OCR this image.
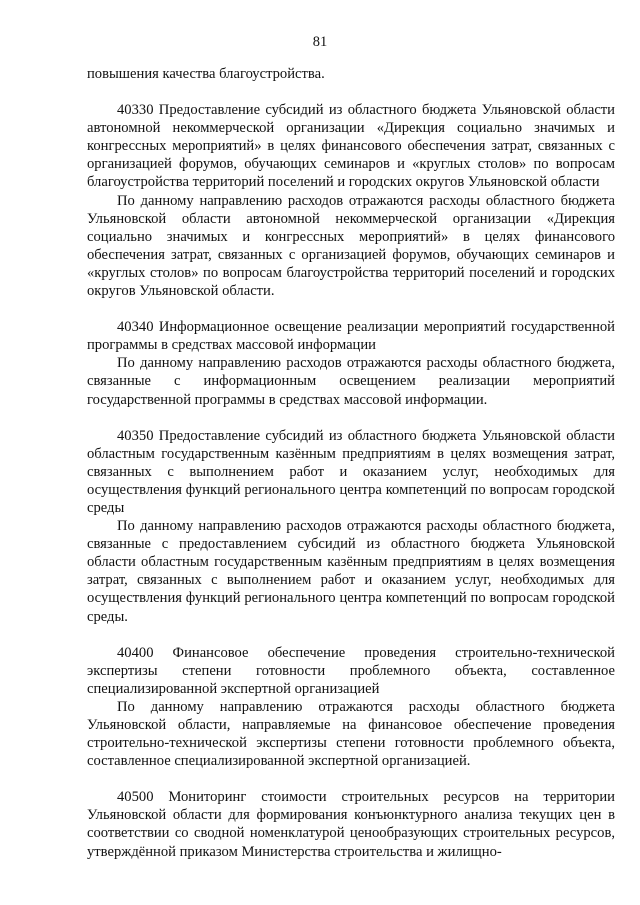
81

повышения качества благоустройства.

40330 Предоставление субсидий из областного бюджета Ульяновской области автономной некоммерческой организации «Дирекция социально значимых и конгрессных мероприятий» в целях финансового обеспечения затрат, связанных с организацией форумов, обучающих семинаров и «круглых столов» по вопросам благоустройства территорий поселений и городских округов Ульяновской области

По данному направлению расходов отражаются расходы областного бюджета Ульяновской области автономной некоммерческой организации «Дирекция социально значимых и конгрессных мероприятий» в целях финансового обеспечения затрат, связанных с организацией форумов, обучающих семинаров и «круглых столов» по вопросам благоустройства территорий поселений и городских округов Ульяновской области.

40340 Информационное освещение реализации мероприятий государственной программы в средствах массовой информации

По данному направлению расходов отражаются расходы областного бюджета, связанные с информационным освещением реализации мероприятий государственной программы в средствах массовой информации.

40350 Предоставление субсидий из областного бюджета Ульяновской области областным государственным казённым предприятиям в целях возмещения затрат, связанных с выполнением работ и оказанием услуг, необходимых для осуществления функций регионального центра компетенций по вопросам городской среды

По данному направлению расходов отражаются расходы областного бюджета, связанные с предоставлением субсидий из областного бюджета Ульяновской области областным государственным казённым предприятиям в целях возмещения затрат, связанных с выполнением работ и оказанием услуг, необходимых для осуществления функций регионального центра компетенций по вопросам городской среды.

40400 Финансовое обеспечение проведения строительно-технической экспертизы степени готовности проблемного объекта, составленное специализированной экспертной организацией

По данному направлению отражаются расходы областного бюджета Ульяновской области, направляемые на финансовое обеспечение проведения строительно-технической экспертизы степени готовности проблемного объекта, составленное специализированной экспертной организацией.

40500 Мониторинг стоимости строительных ресурсов на территории Ульяновской области для формирования конъюнктурного анализа текущих цен в соответствии со сводной номенклатурой ценообразующих строительных ресурсов, утверждённой приказом Министерства строительства и жилищно-
